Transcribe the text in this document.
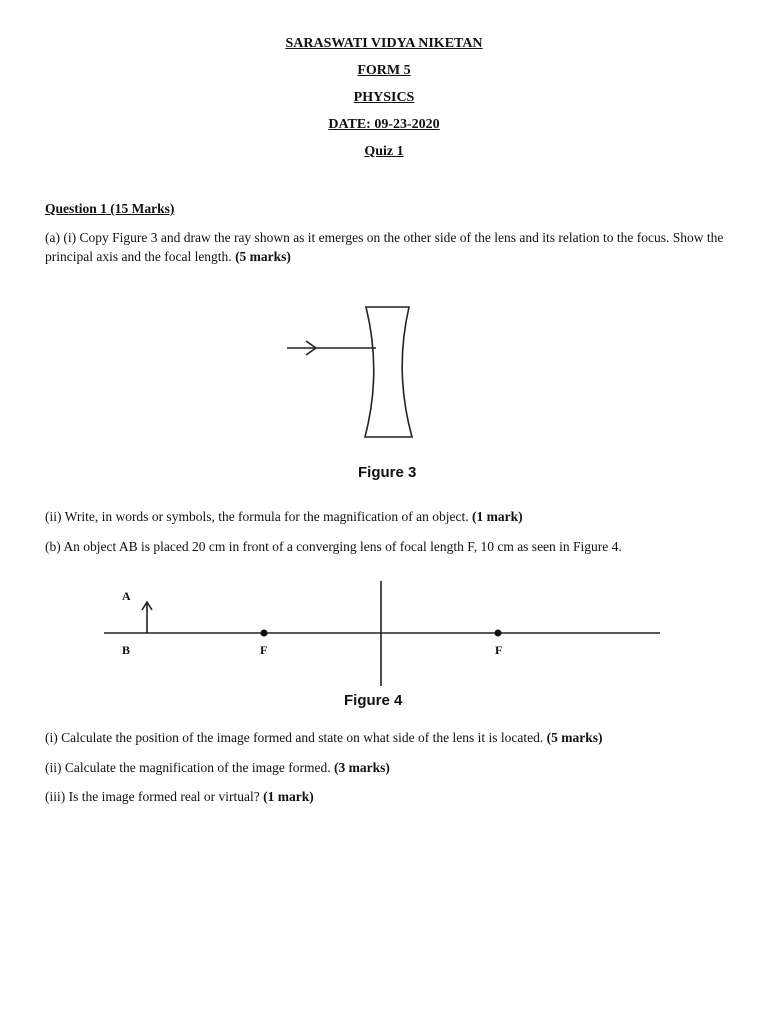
SARASWATI VIDYA NIKETAN
FORM 5
PHYSICS
DATE: 09-23-2020
Quiz 1
Question 1 (15 Marks)
(a) (i) Copy Figure 3 and draw the ray shown as it emerges on the other side of the lens and its relation to the focus. Show the principal axis and the focal length. (5 marks)
Figure 3
(ii) Write, in words or symbols, the formula for the magnification of an object. (1 mark)
(b) An object AB is placed 20 cm in front of a converging lens of focal length F, 10 cm as seen in Figure 4.
A
B	F	F
Figure 4
(i) Calculate the position of the image formed and state on what side of the lens it is located. (5 marks)
(ii) Calculate the magnification of the image formed. (3 marks)
(iii) Is the image formed real or virtual? (1 mark)
